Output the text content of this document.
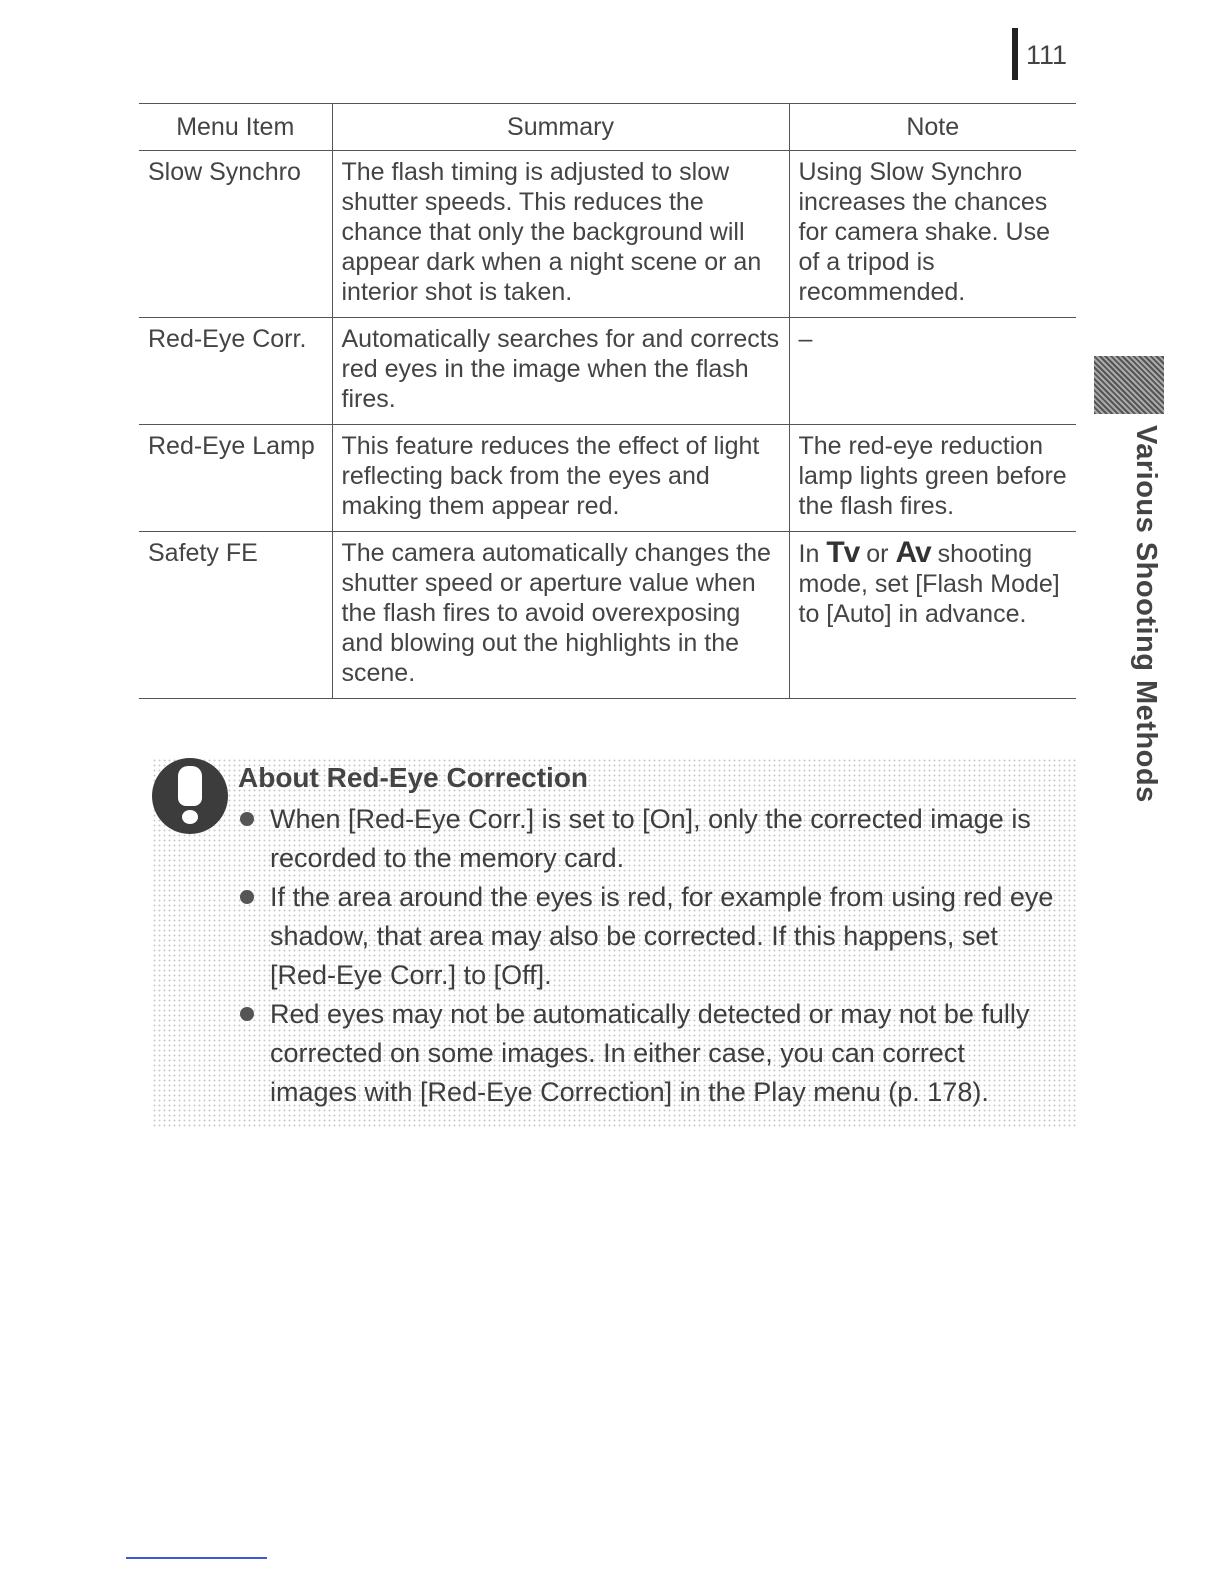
111
Menu Item	Summary	Note
Slow Synchro	The flash timing is adjusted to slow shutter speeds. This reduces the chance that only the background will appear dark when a night scene or an interior shot is taken.	Using Slow Synchro increases the chances for camera shake. Use of a tripod is recommended.
Red-Eye Corr.	Automatically searches for and corrects red eyes in the image when the flash fires.	–
Red-Eye Lamp	This feature reduces the effect of light reflecting back from the eyes and making them appear red.	The red-eye reduction lamp lights green before the flash fires.
Safety FE	The camera automatically changes the shutter speed or aperture value when the flash fires to avoid overexposing and blowing out the highlights in the scene.	In Tv or Av shooting mode, set [Flash Mode] to [Auto] in advance.	Various Shooting Methods
About Red-Eye Correction
When [Red-Eye Corr.] is set to [On], only the corrected image is recorded to the memory card.
If the area around the eyes is red, for example from using red eye shadow, that area may also be corrected. If this happens, set [Red-Eye Corr.] to [Off].
Red eyes may not be automatically detected or may not be fully corrected on some images. In either case, you can correct images with [Red-Eye Correction] in the Play menu (p. 178).
